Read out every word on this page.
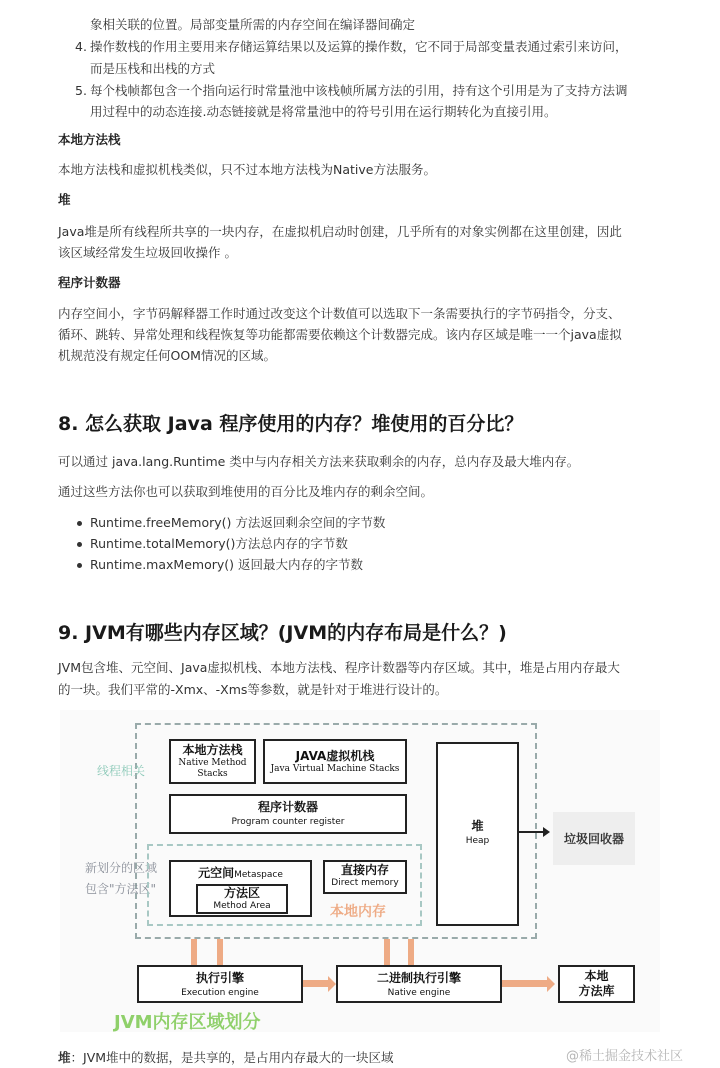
象相关联的位置。局部变量所需的内存空间在编译器间确定
4. 操作数栈的作用主要用来存储运算结果以及运算的操作数，它不同于局部变量表通过索引来访问，
而是压栈和出栈的方式
5. 每个栈帧都包含一个指向运行时常量池中该栈帧所属方法的引用，持有这个引用是为了支持方法调
用过程中的动态连接.动态链接就是将常量池中的符号引用在运行期转化为直接引用。
本地方法栈
本地方法栈和虚拟机栈类似，只不过本地方法栈为Native方法服务。
堆
Java堆是所有线程所共享的一块内存，在虚拟机启动时创建，几乎所有的对象实例都在这里创建，因此
该区域经常发生垃圾回收操作 。
程序计数器
内存空间小，字节码解释器工作时通过改变这个计数值可以选取下一条需要执行的字节码指令，分支、
循环、跳转、异常处理和线程恢复等功能都需要依赖这个计数器完成。该内存区域是唯一一个java虚拟
机规范没有规定任何OOM情况的区域。
8. 怎么获取 Java 程序使用的内存？堆使用的百分比？
可以通过 java.lang.Runtime 类中与内存相关方法来获取剩余的内存，总内存及最大堆内存。
通过这些方法你也可以获取到堆使用的百分比及堆内存的剩余空间。
Runtime.freeMemory() 方法返回剩余空间的字节数
Runtime.totalMemory()方法总内存的字节数
Runtime.maxMemory() 返回最大内存的字节数
9. JVM有哪些内存区域？(JVM的内存布局是什么？)
JVM包含堆、元空间、Java虚拟机栈、本地方法栈、程序计数器等内存区域。其中，堆是占用内存最大
的一块。我们平常的-Xmx、-Xms等参数，就是针对于堆进行设计的。
线程相关
新划分的区域
包含"方法区"
本地方法栈
Native Method
Stacks
JAVA虚拟机栈
Java Virtual Machine Stacks
程序计数器
Program counter register	堆
Heap	垃圾回收器
元空间Metaspace
方法区
Method Area
直接内存
Direct memory
本地内存
执行引擎
Execution engine
二进制执行引擎
Native engine
本地
方法库
JVM内存区域划分
堆：JVM堆中的数据，是共享的，是占用内存最大的一块区域	@稀土掘金技术社区
